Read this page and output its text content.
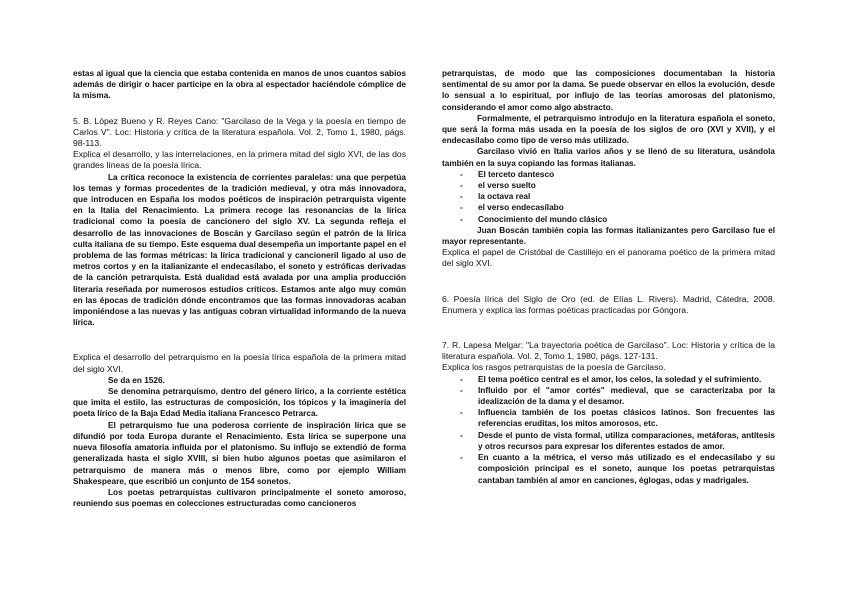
estas al igual que la ciencia que estaba contenida en manos de unos cuantos sabios además de dirigir o hacer participe en la obra al espectador haciéndole cómplice de la misma.

5. B. López Bueno y R. Reyes Cano: "Garcilaso de la Vega y la poesía en tiempo de Carlos V". Loc: Historia y crítica de la literatura española. Vol. 2, Tomo 1, 1980, págs. 98-113.

Explica el desarrollo, y las interrelaciones, en la primera mitad del siglo XVI, de las dos grandes líneas de la poesía lírica.

La crítica reconoce la existencia de corrientes paralelas: una que perpetúa los temas y formas procedentes de la tradición medieval, y otra más innovadora, que introducen en España los modos poéticos de inspiración petrarquista vigente en la Italia del Renacimiento. La primera recoge las resonancias de la lírica tradicional como la poesía de cancionero del siglo XV. La segunda refleja el desarrollo de las innovaciones de Boscán y Garcilaso según el patrón de la lírica culta italiana de su tiempo. Este esquema dual desempeña un importante papel en el problema de las formas métricas: la lírica tradicional y cancioneril ligado al uso de metros cortos y en la italianizante el endecasílabo, el soneto y estróficas derivadas de la canción petrarquista. Está dualidad está avalada por una amplia producción literaria reseñada por numerosos estudios críticos. Estamos ante algo muy común en las épocas de tradición dónde encontramos que las formas innovadoras acaban imponiéndose a las nuevas y las antiguas cobran virtualidad informando de la nueva lírica.

Explica el desarrollo del petrarquismo en la poesía lírica española de la primera mitad del siglo XVI.

Se da en 1526.

Se denomina petrarquismo, dentro del género lírico, a la corriente estética que imita el estilo, las estructuras de composición, los tópicos y la imaginería del poeta lírico de la Baja Edad Media italiana Francesco Petrarca.

El petrarquismo fue una poderosa corriente de inspiración lírica que se difundió por toda Europa durante el Renacimiento. Esta lírica se superpone una nueva filosofía amatoria influida por el platonismo. Su influjo se extendió de forma generalizada hasta el siglo XVIII, si bien hubo algunos poetas que asimilaron el petrarquismo de manera más o menos libre, como por ejemplo William Shakespeare, que escribió un conjunto de 154 sonetos.

Los poetas petrarquistas cultivaron principalmente el soneto amoroso, reuniendo sus poemas en colecciones estructuradas como cancioneros

petrarquistas, de modo que las composiciones documentaban la historia sentimental de su amor por la dama. Se puede observar en ellos la evolución, desde lo sensual a lo espiritual, por influjo de las teorías amorosas del platonismo, considerando el amor como algo abstracto.

Formalmente, el petrarquismo introdujo en la literatura española el soneto, que será la forma más usada en la poesía de los siglos de oro (XVI y XVII), y el endecasílabo como tipo de verso más utilizado.

Garcilaso vivió en Italia varios años y se llenó de su literatura, usándola también en la suya copiando las formas italianas.

- El terceto dantesco
- el verso suelto
- la octava real
- el verso endecasílabo
- Conocimiento del mundo clásico

Juan Boscán también copia las formas italianizantes pero Garcilaso fue el mayor representante.

Explica el papel de Cristóbal de Castillejo en el panorama poético de la primera mitad del siglo XVI.

6. Poesía lírica del Siglo de Oro (ed. de Elías L. Rivers). Madrid, Cátedra, 2008. Enumera y explica las formas poéticas practicadas por Góngora.

7. R. Lapesa Melgar: "La trayectoria poética de Garcilaso". Loc: Historia y crítica de la literatura española. Vol. 2, Tomo 1, 1980, págs. 127-131.

Explica los rasgos petrarquistas de la poesía de Garcilaso.

- El tema poético central es el amor, los celos, la soledad y el sufrimiento.
- Influido por el "amor cortés" medieval, que se caracterizaba por la idealización de la dama y el desamor.
- Influencia también de los poetas clásicos latinos. Son frecuentes las referencias eruditas, los mitos amorosos, etc.
- Desde el punto de vista formal, utiliza comparaciones, metáforas, antítesis y otros recursos para expresar los diferentes estados de amor.
- En cuanto a la métrica, el verso más utilizado es el endecasílabo y su composición principal es el soneto, aunque los poetas petrarquistas cantaban también al amor en canciones, églogas, odas y madrigales.
